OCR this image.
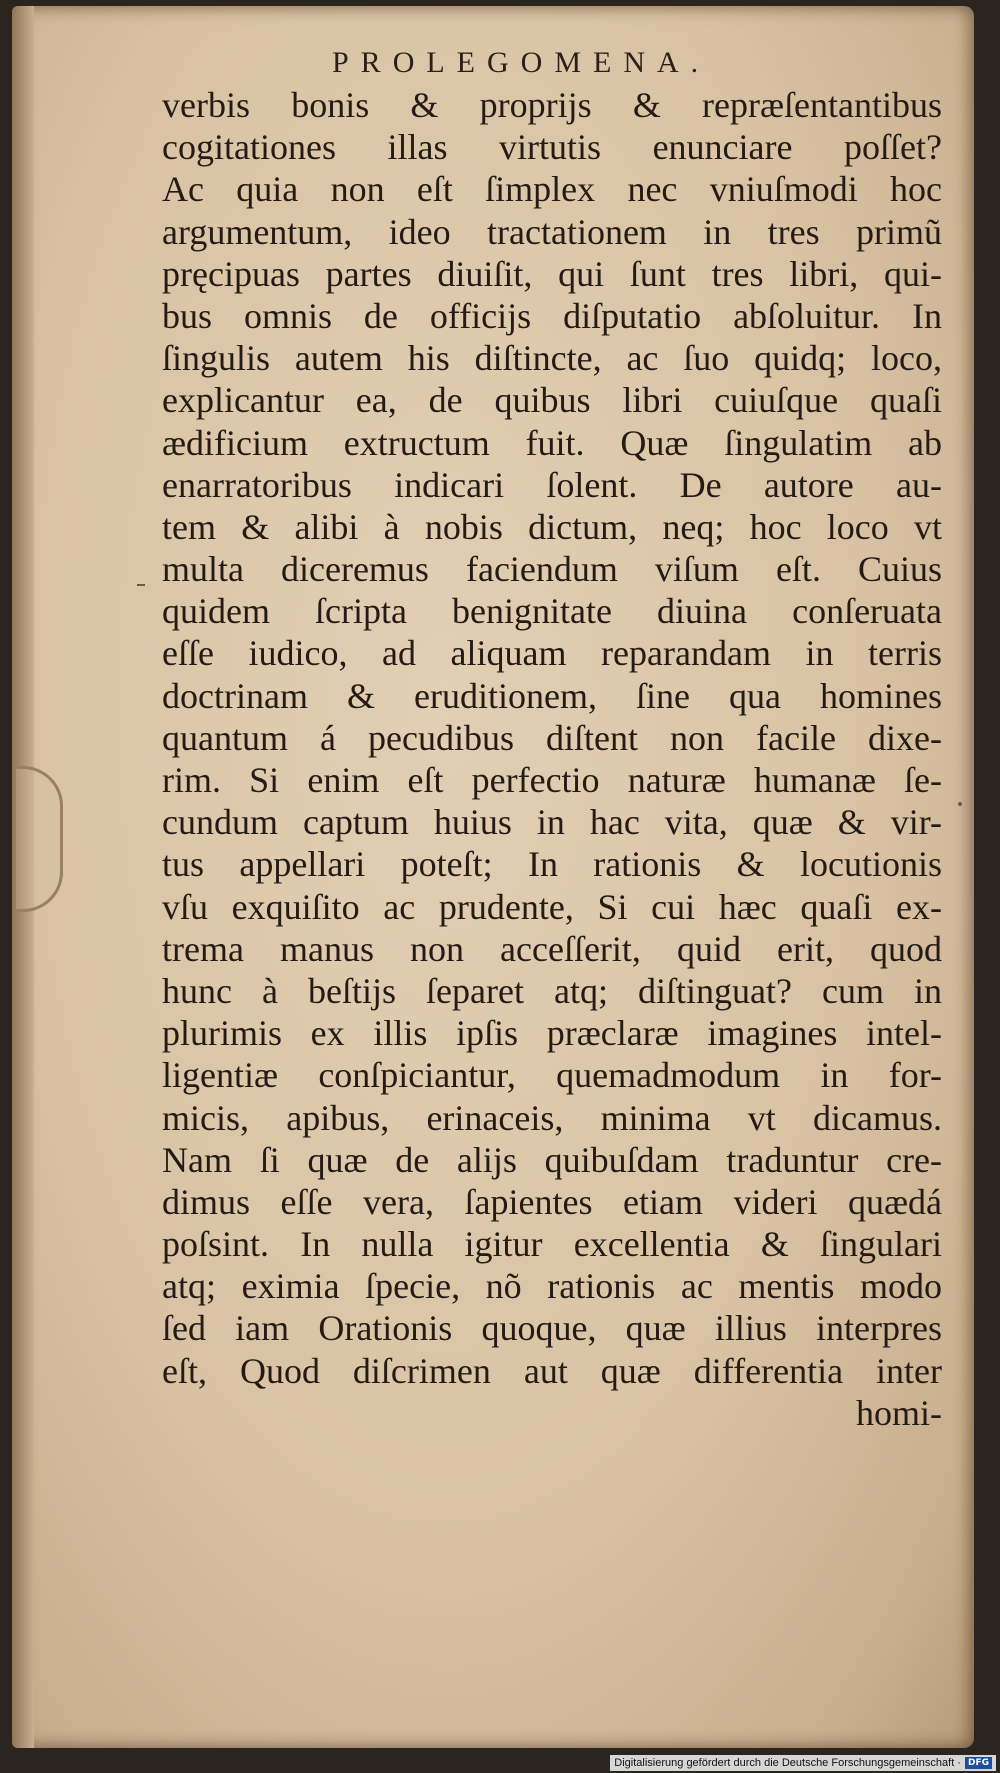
PROLEGOMENA.
verbis bonis & proprijs & repræſentantibus
cogitationes illas virtutis enunciare poſſet?
Ac quia non eſt ſimplex nec vniuſmodi hoc
argumentum, ideo tractationem in tres primũ
pręcipuas partes diuiſit, qui ſunt tres libri, qui-
bus omnis de officijs diſputatio abſoluitur. In
ſingulis autem his diſtincte, ac ſuo quidq; loco,
explicantur ea, de quibus libri cuiuſque quaſi
ædificium extructum fuit. Quæ ſingulatim ab
enarratoribus indicari ſolent. De autore au-
tem & alibi à nobis dictum, neq; hoc loco vt
multa diceremus faciendum viſum eſt. Cuius
quidem ſcripta benignitate diuina conſeruata
eſſe iudico, ad aliquam reparandam in terris
doctrinam & eruditionem, ſine qua homines
quantum á pecudibus diſtent non facile dixe-
rim. Si enim eſt perfectio naturæ humanæ ſe-
cundum captum huius in hac vita, quæ & vir-
tus appellari poteſt; In rationis & locutionis
vſu exquiſito ac prudente, Si cui hæc quaſi ex-
trema manus non acceſſerit, quid erit, quod
hunc à beſtijs ſeparet atq; diſtinguat? cum in
plurimis ex illis ipſis præclaræ imagines intel-
ligentiæ conſpiciantur, quemadmodum in for-
micis, apibus, erinaceis, minima vt dicamus.
Nam ſi quæ de alijs quibuſdam traduntur cre-
dimus eſſe vera, ſapientes etiam videri quædá
poſsint. In nulla igitur excellentia & ſingulari
atq; eximia ſpecie, nõ rationis ac mentis modo
ſed iam Orationis quoque, quæ illius interpres
eſt, Quod diſcrimen aut quæ differentia inter
homi-
Digitalisierung gefördert durch die Deutsche Forschungsgemeinschaft · DFG
